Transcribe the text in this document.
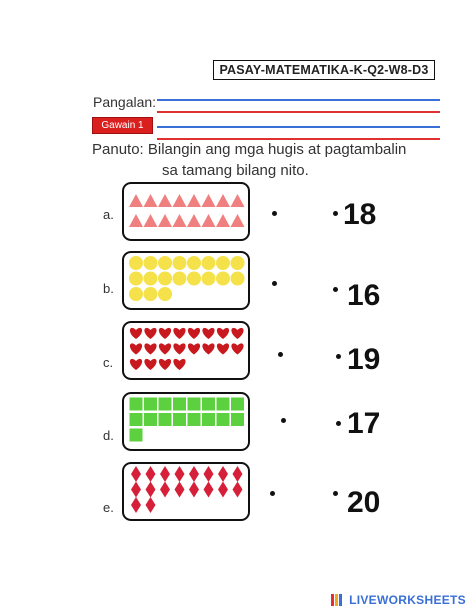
PASAY-MATEMATIKA-K-Q2-W8-D3
Pangalan:
Gawain 1
Panuto: Bilangin ang mga hugis at pagtambalin
sa tamang bilang nito.
a.	18
b.	16
c.	19
d.	17
e.	20
LIVEWORKSHEETS
